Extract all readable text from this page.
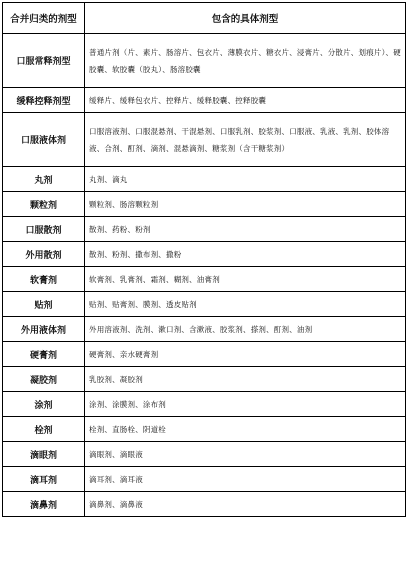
合并归类的剂型	包含的具体剂型
口服常释剂型	普通片剂（片、素片、肠溶片、包衣片、薄膜衣片、糖衣片、浸膏片、分散片、划痕片）、硬胶囊、软胶囊（胶丸）、肠溶胶囊
缓释控释剂型	缓释片、缓释包衣片、控释片、缓释胶囊、控释胶囊
口服液体剂	口服溶液剂、口服混悬剂、干混悬剂、口服乳剂、胶浆剂、口服液、乳液、乳剂、胶体溶液、合剂、酊剂、滴剂、混悬滴剂、糖浆剂（含干糖浆剂）
丸剂	丸剂、滴丸
颗粒剂	颗粒剂、肠溶颗粒剂
口服散剂	散剂、药粉、粉剂
外用散剂	散剂、粉剂、撒布剂、撒粉
软膏剂	软膏剂、乳膏剂、霜剂、糊剂、油膏剂
贴剂	贴剂、贴膏剂、膜剂、透皮贴剂
外用液体剂	外用溶液剂、洗剂、漱口剂、含漱液、胶浆剂、搽剂、酊剂、油剂
硬膏剂	硬膏剂、亲水硬膏剂
凝胶剂	乳胶剂、凝胶剂
涂剂	涂剂、涂膜剂、涂布剂
栓剂	栓剂、直肠栓、阴道栓
滴眼剂	滴眼剂、滴眼液
滴耳剂	滴耳剂、滴耳液
滴鼻剂	滴鼻剂、滴鼻液
